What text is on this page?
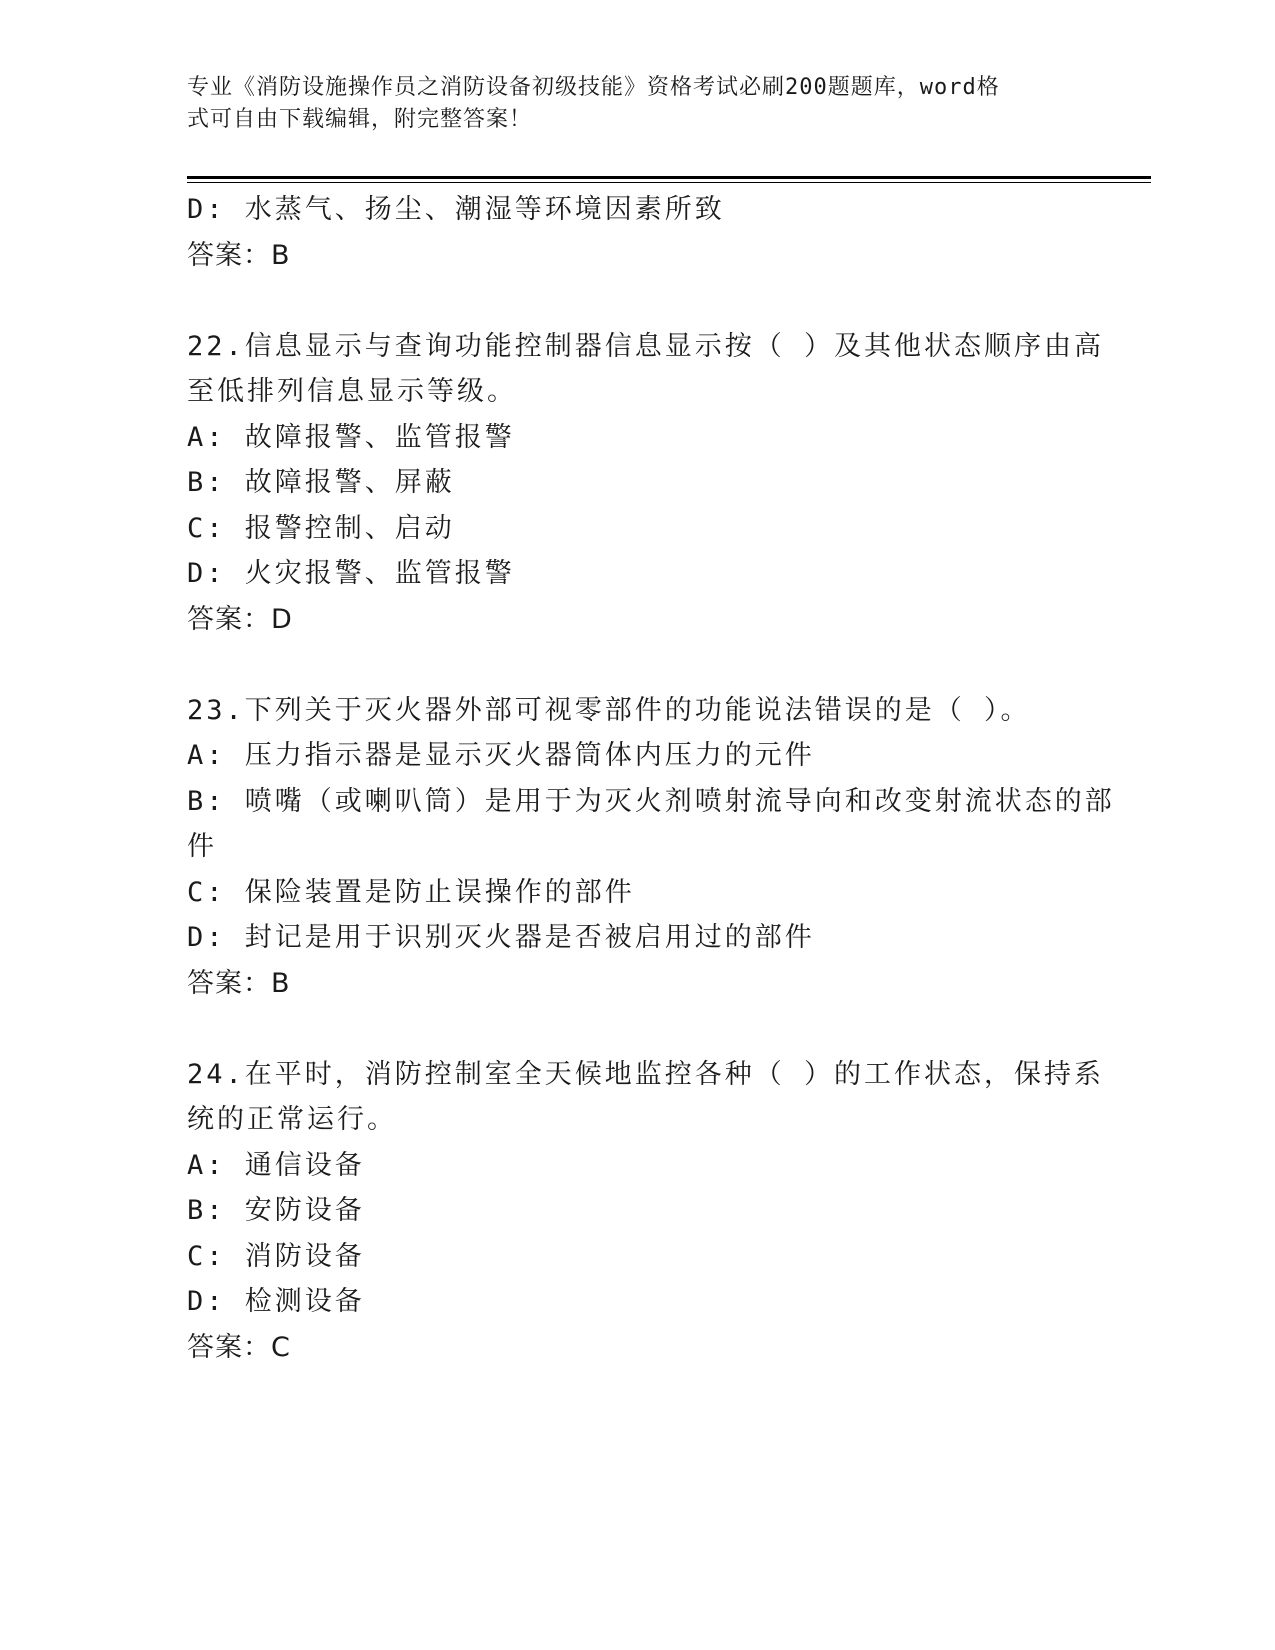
专业《消防设施操作员之消防设备初级技能》资格考试必刷200题题库，word格
式可自由下载编辑，附完整答案！
D: 水蒸气、扬尘、潮湿等环境因素所致
答案：B
22.信息显示与查询功能控制器信息显示按（ ）及其他状态顺序由高
至低排列信息显示等级。
A: 故障报警、监管报警
B: 故障报警、屏蔽
C: 报警控制、启动
D: 火灾报警、监管报警
答案：D
23.下列关于灭火器外部可视零部件的功能说法错误的是（ ）。
A: 压力指示器是显示灭火器筒体内压力的元件
B: 喷嘴（或喇叭筒）是用于为灭火剂喷射流导向和改变射流状态的部
件
C: 保险装置是防止误操作的部件
D: 封记是用于识别灭火器是否被启用过的部件
答案：B
24.在平时，消防控制室全天候地监控各种（ ）的工作状态，保持系
统的正常运行。
A: 通信设备
B: 安防设备
C: 消防设备
D: 检测设备
答案：C
